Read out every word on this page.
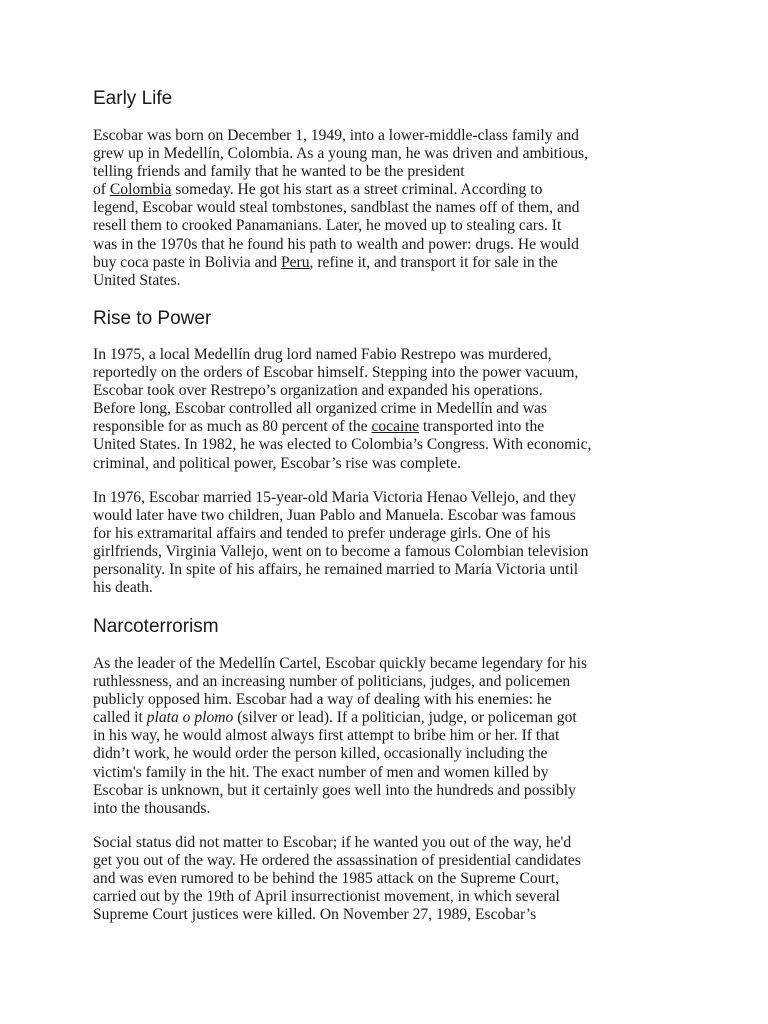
Early Life

Escobar was born on December 1, 1949, into a lower-middle-class family and
grew up in Medellín, Colombia. As a young man, he was driven and ambitious,
telling friends and family that he wanted to be the president
of Colombia someday. He got his start as a street criminal. According to
legend, Escobar would steal tombstones, sandblast the names off of them, and
resell them to crooked Panamanians. Later, he moved up to stealing cars. It
was in the 1970s that he found his path to wealth and power: drugs. He would
buy coca paste in Bolivia and Peru, refine it, and transport it for sale in the
United States.

Rise to Power

In 1975, a local Medellín drug lord named Fabio Restrepo was murdered,
reportedly on the orders of Escobar himself. Stepping into the power vacuum,
Escobar took over Restrepo’s organization and expanded his operations.
Before long, Escobar controlled all organized crime in Medellín and was
responsible for as much as 80 percent of the cocaine transported into the
United States. In 1982, he was elected to Colombia’s Congress. With economic,
criminal, and political power, Escobar’s rise was complete.

In 1976, Escobar married 15-year-old Maria Victoria Henao Vellejo, and they
would later have two children, Juan Pablo and Manuela. Escobar was famous
for his extramarital affairs and tended to prefer underage girls. One of his
girlfriends, Virginia Vallejo, went on to become a famous Colombian television
personality. In spite of his affairs, he remained married to María Victoria until
his death.

Narcoterrorism

As the leader of the Medellín Cartel, Escobar quickly became legendary for his
ruthlessness, and an increasing number of politicians, judges, and policemen
publicly opposed him. Escobar had a way of dealing with his enemies: he
called it plata o plomo (silver or lead). If a politician, judge, or policeman got
in his way, he would almost always first attempt to bribe him or her. If that
didn’t work, he would order the person killed, occasionally including the
victim's family in the hit. The exact number of men and women killed by
Escobar is unknown, but it certainly goes well into the hundreds and possibly
into the thousands.

Social status did not matter to Escobar; if he wanted you out of the way, he'd
get you out of the way. He ordered the assassination of presidential candidates
and was even rumored to be behind the 1985 attack on the Supreme Court,
carried out by the 19th of April insurrectionist movement, in which several
Supreme Court justices were killed. On November 27, 1989, Escobar’s
